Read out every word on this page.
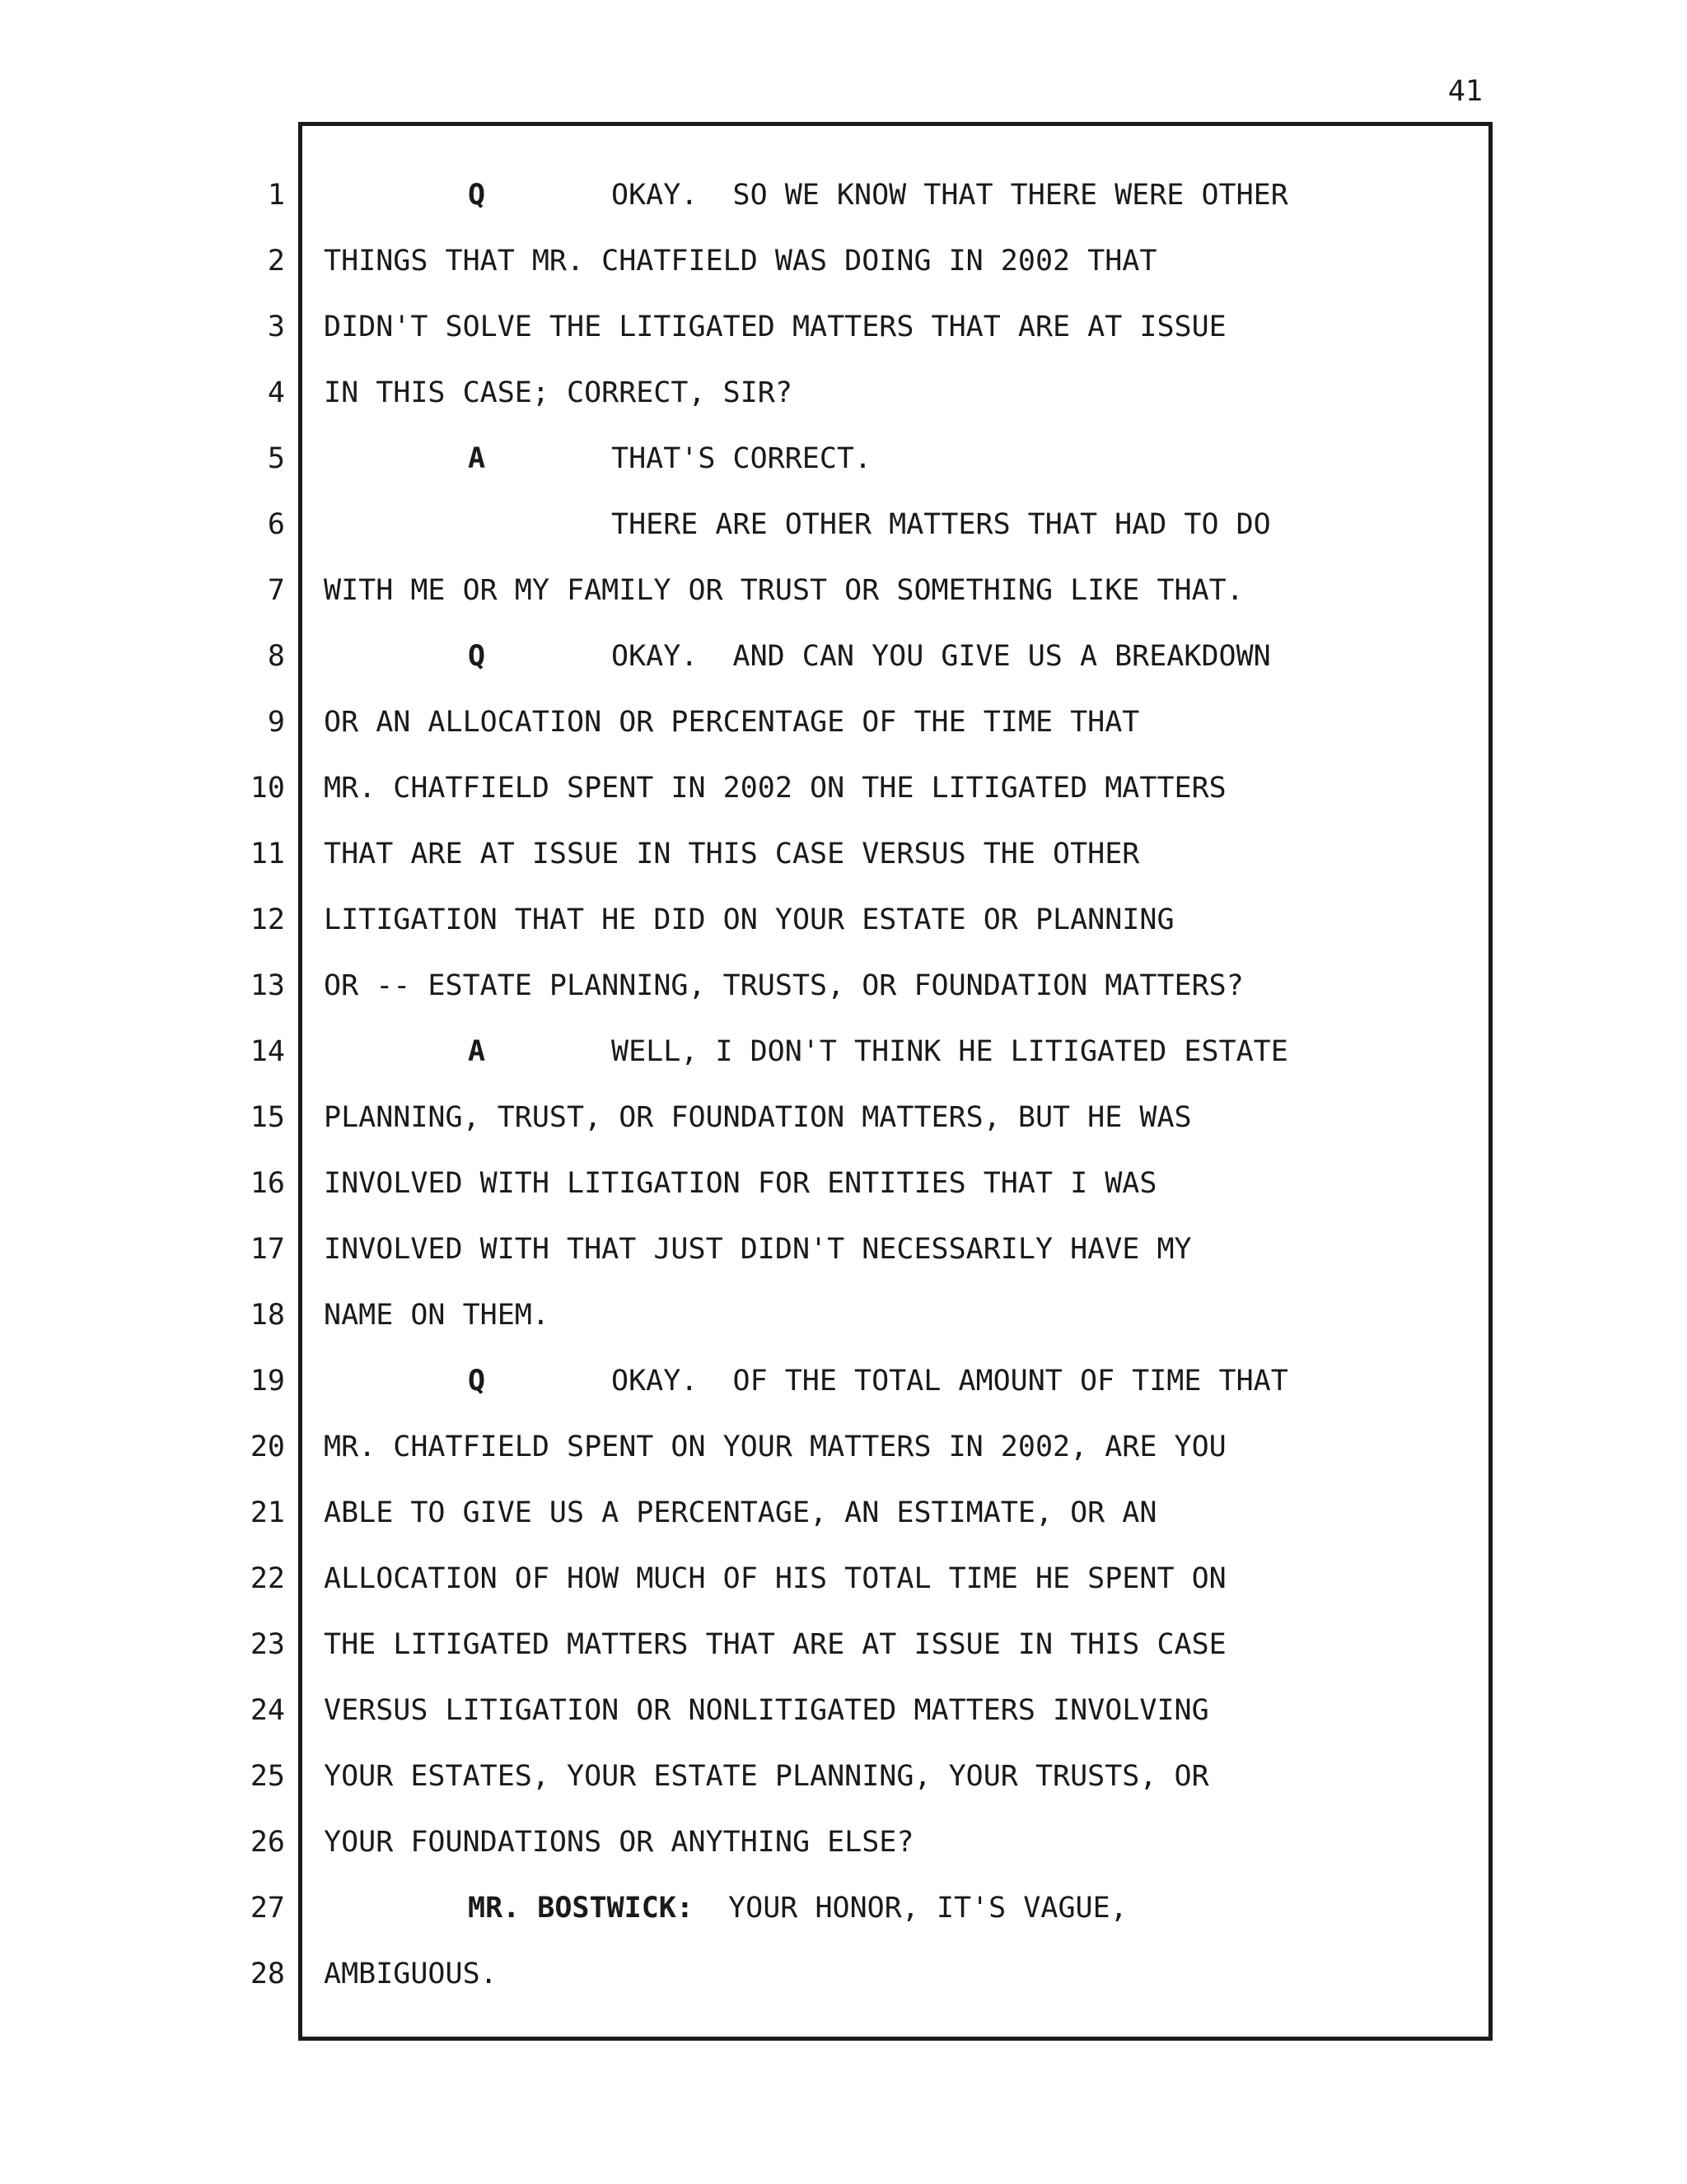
41
1
2
3
4
5
6
7
8
9
10
11
12
13
14
15
16
17
18
19
20
21
22
23
24
25
26
27
28
Q	OKAY.  SO WE KNOW THAT THERE WERE OTHER
THINGS THAT MR. CHATFIELD WAS DOING IN 2002 THAT
DIDN'T SOLVE THE LITIGATED MATTERS THAT ARE AT ISSUE
IN THIS CASE; CORRECT, SIR?
A	THAT'S CORRECT.
THERE ARE OTHER MATTERS THAT HAD TO DO
WITH ME OR MY FAMILY OR TRUST OR SOMETHING LIKE THAT.
Q	OKAY.  AND CAN YOU GIVE US A BREAKDOWN
OR AN ALLOCATION OR PERCENTAGE OF THE TIME THAT
MR. CHATFIELD SPENT IN 2002 ON THE LITIGATED MATTERS
THAT ARE AT ISSUE IN THIS CASE VERSUS THE OTHER
LITIGATION THAT HE DID ON YOUR ESTATE OR PLANNING
OR -- ESTATE PLANNING, TRUSTS, OR FOUNDATION MATTERS?
A	WELL, I DON'T THINK HE LITIGATED ESTATE
PLANNING, TRUST, OR FOUNDATION MATTERS, BUT HE WAS
INVOLVED WITH LITIGATION FOR ENTITIES THAT I WAS
INVOLVED WITH THAT JUST DIDN'T NECESSARILY HAVE MY
NAME ON THEM.
Q	OKAY.  OF THE TOTAL AMOUNT OF TIME THAT
MR. CHATFIELD SPENT ON YOUR MATTERS IN 2002, ARE YOU
ABLE TO GIVE US A PERCENTAGE, AN ESTIMATE, OR AN
ALLOCATION OF HOW MUCH OF HIS TOTAL TIME HE SPENT ON
THE LITIGATED MATTERS THAT ARE AT ISSUE IN THIS CASE
VERSUS LITIGATION OR NONLITIGATED MATTERS INVOLVING
YOUR ESTATES, YOUR ESTATE PLANNING, YOUR TRUSTS, OR
YOUR FOUNDATIONS OR ANYTHING ELSE?
MR. BOSTWICK:  YOUR HONOR, IT'S VAGUE,
AMBIGUOUS.
